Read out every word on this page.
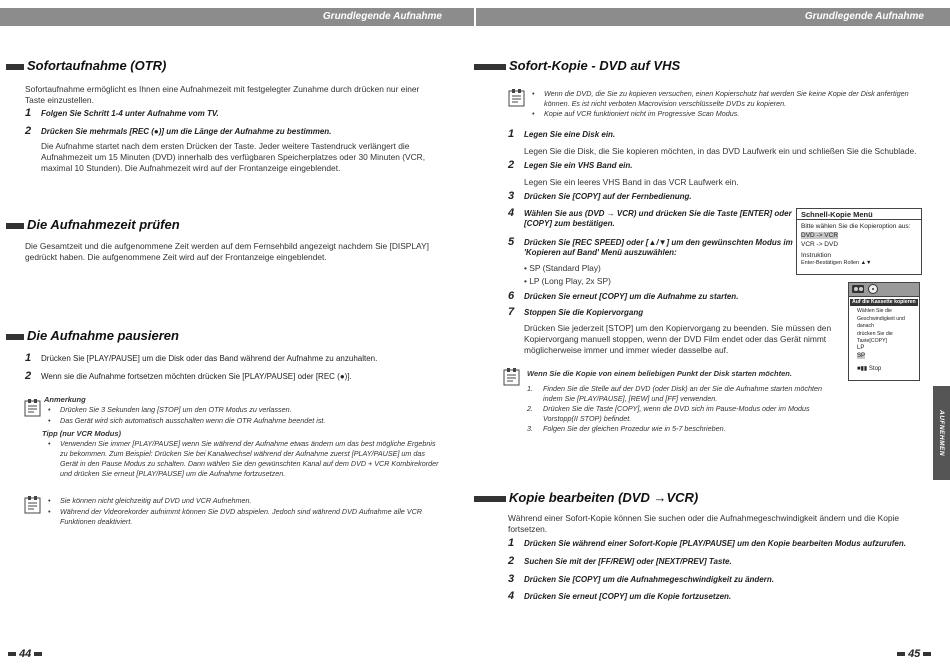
Grundlegende Aufnahme	Grundlegende Aufnahme
Sofortaufnahme (OTR)
Sofortaufnahme ermöglicht es Ihnen eine Aufnahmezeit mit festgelegter Zunahme durch drücken nur einer Taste einzustellen.
1 Folgen Sie Schritt 1-4 unter Aufnahme vom TV.
2 Drücken Sie mehrmals [REC (●)] um die Länge der Aufnahme zu bestimmen.
Die Aufnahme startet nach dem ersten Drücken der Taste. Jeder weitere Tastendruck verlängert die Aufnahmezeit um 15 Minuten (DVD) innerhalb des verfügbaren Speicherplatzes oder 30 Minuten (VCR, maximal 10 Stunden). Die Aufnahmezeit wird auf der Frontanzeige eingeblendet.
Die Aufnahmezeit prüfen
Die Gesamtzeit und die aufgenommene Zeit werden auf dem Fernsehbild angezeigt nachdem Sie [DISPLAY] gedrückt haben. Die aufgenommene Zeit wird auf der Frontanzeige eingeblendet.
Die Aufnahme pausieren
1 Drücken Sie [PLAY/PAUSE] um die Disk oder das Band während der Aufnahme zu anzuhalten.
2 Wenn sie die Aufnahme fortsetzen möchten drücken Sie [PLAY/PAUSE] oder [REC (●)].
Anmerkung
• Drücken Sie 3 Sekunden lang [STOP] um den OTR Modus zu verlassen.
• Das Gerät wird sich automatisch ausschalten wenn die OTR Aufnahme beendet ist.
Tipp (nur VCR Modus)
• Verwenden Sie immer [PLAY/PAUSE] wenn Sie während der Aufnahme etwas ändern um das best mögliche Ergebnis zu bekommen. Zum Beispiel: Drücken Sie bei Kanalwechsel während der Aufnahme zuerst [PLAY/PAUSE] um das Gerät in den Pause Modus zu schalten. Dann wählen Sie den gewünschten Kanal auf dem DVD + VCR Kombirekorder und drücken Sie erneut [PLAY/PAUSE] um die Aufnahme fortzusetzen.
• Sie können nicht gleichzeitig auf DVD und VCR Aufnehmen.
• Während der Videorekorder aufnimmt können Sie DVD abspielen. Jedoch sind während DVD Aufnahme alle VCR Funktionen deaktiviert.
44
Sofort-Kopie - DVD auf VHS
• Wenn die DVD, die Sie zu kopieren versuchen, einen Kopierschutz hat werden Sie keine Kopie der Disk anfertigen können. Es ist nicht verboten Macrovision verschlüsselte DVDs zu kopieren.
• Kopie auf VCR funktioniert nicht im Progressive Scan Modus.
1 Legen Sie eine Disk ein.
Legen Sie die Disk, die Sie kopieren möchten, in das DVD Laufwerk ein und schließen Sie die Schublade.
2 Legen Sie ein VHS Band ein.
Legen Sie ein leeres VHS Band in das VCR Laufwerk ein.
3 Drücken Sie [COPY] auf der Fernbedienung.
4 Wählen Sie aus (DVD → VCR) und drücken Sie die Taste [ENTER] oder
[COPY] zum bestätigen.
5 Drücken Sie [REC SPEED] oder [▲/▼] um den gewünschten Modus im
'Kopieren auf Band' Menü auszuwählen:
• SP (Standard Play)
• LP (Long Play, 2x SP)
6 Drücken Sie erneut [COPY] um die Aufnahme zu starten.
7 Stoppen Sie die Kopiervorgang
Drücken Sie jederzeit [STOP] um den Kopiervorgang zu beenden. Sie müssen den Kopiervorgang manuell stoppen, wenn der DVD Film endet oder das Gerät nimmt möglicherweise immer und immer wieder dasselbe auf.
Wenn Sie die Kopie von einem beliebigen Punkt der Disk starten möchten.
1. Finden Sie die Stelle auf der DVD (oder Disk) an der Sie die Aufnahme starten möchten indem Sie [PLAY/PAUSE], [REW] und [FF] verwenden.
2. Drücken Sie die Taste [COPY], wenn die DVD sich im Pause-Modus oder im Modus Vorstopp(II STOP) befindet.
3. Folgen Sie der gleichen Prozedur wie in 5-7 beschrieben.
Schnell-Kopie Menü
Bitte wählen Sie die Kopieroption aus:
DVD -> VCR
VCR -> DVD
Instruktion
Enter-Bestätigen Rollen ▲▼
Auf die Kassette kopieren
Wählen Sie die
Geschwindigkeit und danach
drücken Sie die Taste[COPY]
LP
SP
■▮▮ Stop
Kopie bearbeiten (DVD →VCR)
Während einer Sofort-Kopie können Sie suchen oder die Aufnahmegeschwindigkeit ändern und die Kopie fortsetzen.
1 Drücken Sie während einer Sofort-Kopie [PLAY/PAUSE] um den Kopie bearbeiten Modus aufzurufen.
2 Suchen Sie mit der [FF/REW] oder [NEXT/PREV] Taste.
3 Drücken Sie [COPY] um die Aufnahmegeschwindigkeit zu ändern.
4 Drücken Sie erneut [COPY] um die Kopie fortzusetzen.
AUFNEHMEN
45
